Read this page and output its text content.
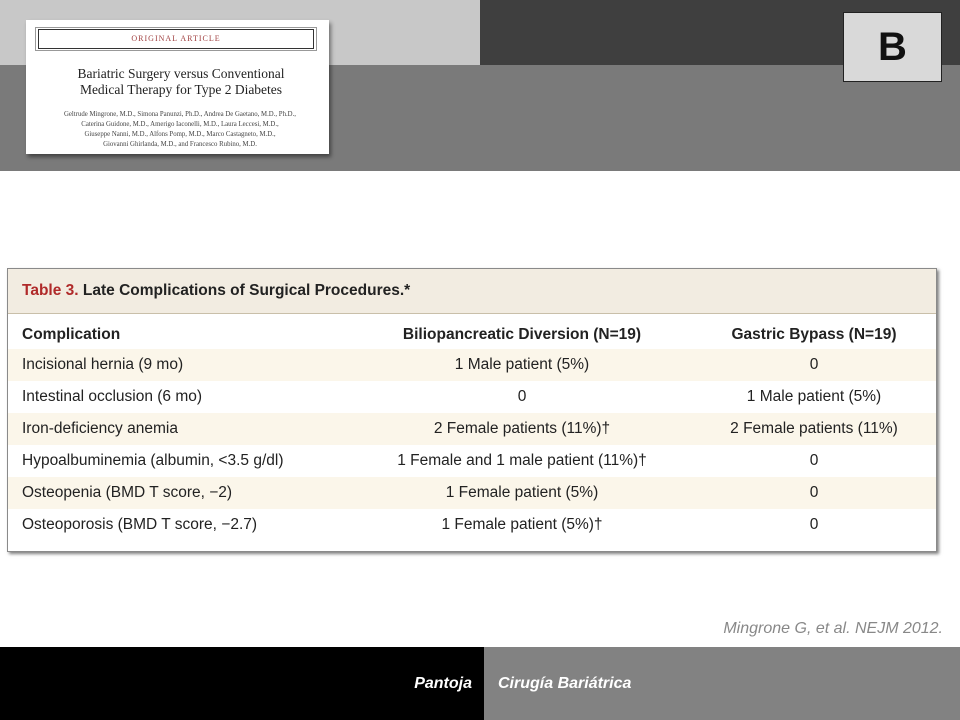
ORIGINAL ARTICLE
Bariatric Surgery versus Conventional
Medical Therapy for Type 2 Diabetes
Geltrude Mingrone, M.D., Simona Panunzi, Ph.D., Andrea De Gaetano, M.D., Ph.D.,
Caterina Guidone, M.D., Amerigo Iaconelli, M.D., Laura Leccesi, M.D.,
Giuseppe Nanni, M.D., Alfons Pomp, M.D., Marco Castagneto, M.D.,
Giovanni Ghirlanda, M.D., and Francesco Rubino, M.D.
B
Table 3. Late Complications of Surgical Procedures.*
Complication	Biliopancreatic Diversion (N=19)	Gastric Bypass (N=19)
Incisional hernia (9 mo)	1 Male patient (5%)	0
Intestinal occlusion (6 mo)	0	1 Male patient (5%)
Iron-deficiency anemia	2 Female patients (11%)†	2 Female patients (11%)
Hypoalbuminemia (albumin, <3.5 g/dl)	1 Female and 1 male patient (11%)†	0
Osteopenia (BMD T score, −2)	1 Female patient (5%)	0
Osteoporosis (BMD T score, −2.7)	1 Female patient (5%)†	0
Mingrone G, et al. NEJM 2012.
Pantoja Cirugía Bariátrica
